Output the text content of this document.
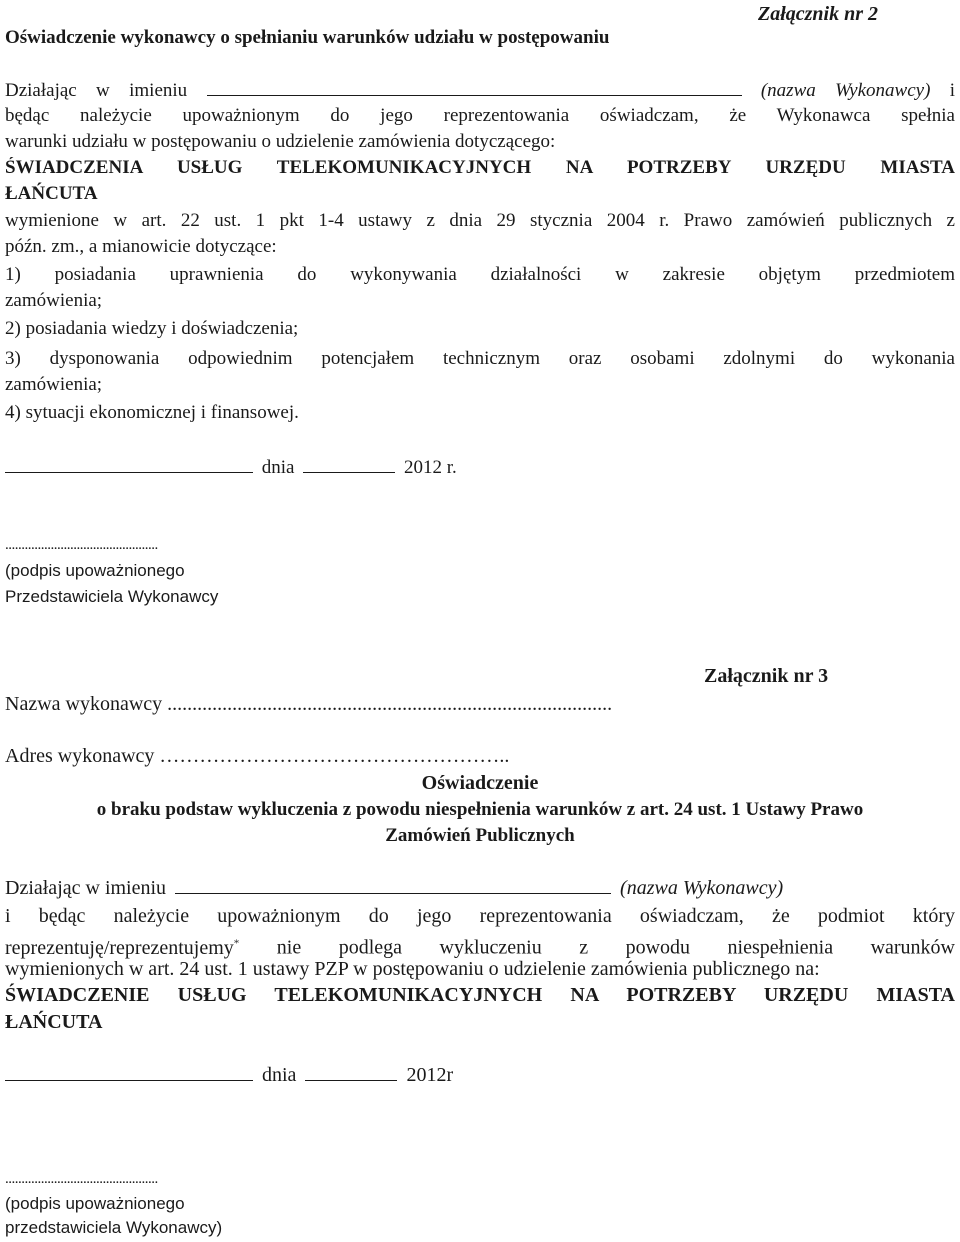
Załącznik nr 2
Oświadczenie wykonawcy o spełnianiu warunków udziału w postępowaniu
Działając w imieniu	(nazwa Wykonawcy) i
będąc należycie upoważnionym do jego reprezentowania oświadczam, że Wykonawca spełnia
warunki udziału w postępowaniu o udzielenie zamówienia dotyczącego:
ŚWIADCZENIA USŁUG TELEKOMUNIKACYJNYCH NA POTRZEBY URZĘDU MIASTA
ŁAŃCUTA
wymienione w art. 22 ust. 1 pkt 1-4 ustawy z dnia 29 stycznia 2004 r. Prawo zamówień publicznych z
późn. zm., a mianowicie dotyczące:
1) posiadania uprawnienia do wykonywania działalności w zakresie objętym przedmiotem
zamówienia;
2) posiadania wiedzy i doświadczenia;
3) dysponowania odpowiednim potencjałem technicznym oraz osobami zdolnymi do wykonania
zamówienia;
4) sytuacji ekonomicznej i finansowej.
dnia	2012 r.
...............................................
(podpis upoważnionego
Przedstawiciela Wykonawcy
Załącznik nr 3
Nazwa wykonawcy .........................................................................................
Adres wykonawcy ……………………………………………..
Oświadczenie
o braku podstaw wykluczenia z powodu niespełnienia warunków z art. 24 ust. 1 Ustawy Prawo
Zamówień Publicznych
Działając w imieniu	(nazwa Wykonawcy)
i będąc należycie upoważnionym do jego reprezentowania oświadczam, że podmiot który
reprezentuję/reprezentujemy* nie podlega wykluczeniu z powodu niespełnienia warunków
wymienionych w art. 24 ust. 1 ustawy PZP w postępowaniu o udzielenie zamówienia publicznego na:
ŚWIADCZENIE USŁUG TELEKOMUNIKACYJNYCH NA POTRZEBY URZĘDU MIASTA
ŁAŃCUTA
dnia	2012r
...............................................
(podpis upoważnionego
przedstawiciela Wykonawcy)
